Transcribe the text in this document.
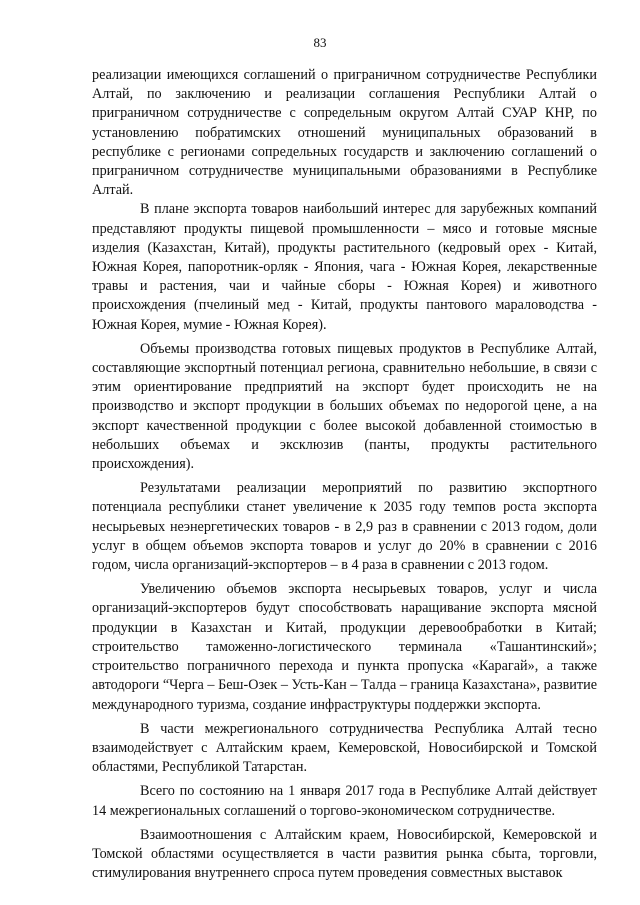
83

реализации имеющихся соглашений о приграничном сотрудничестве Республики Алтай, по заключению и реализации соглашения Республики Алтай о приграничном сотрудничестве с сопредельным округом Алтай СУАР КНР, по установлению побратимских отношений муниципальных образований в республике с регионами сопредельных государств и заключению соглашений о приграничном сотрудничестве муниципальными образованиями в Республике Алтай.

В плане экспорта товаров наибольший интерес для зарубежных компаний представляют продукты пищевой промышленности – мясо и готовые мясные изделия (Казахстан, Китай), продукты растительного (кедровый орех - Китай, Южная Корея, папоротник-орляк - Япония, чага - Южная Корея, лекарственные травы и растения, чаи и чайные сборы - Южная Корея) и животного происхождения (пчелиный мед - Китай, продукты пантового мараловодства - Южная Корея, мумие - Южная Корея).

Объемы производства готовых пищевых продуктов в Республике Алтай, составляющие экспортный потенциал региона, сравнительно небольшие, в связи с этим ориентирование предприятий на экспорт будет происходить не на производство и экспорт продукции в больших объемах по недорогой цене, а на экспорт качественной продукции с более высокой добавленной стоимостью в небольших объемах и эксклюзив (панты, продукты растительного происхождения).

Результатами реализации мероприятий по развитию экспортного потенциала республики станет увеличение к 2035 году темпов роста экспорта несырьевых неэнергетических товаров - в 2,9 раз в сравнении с 2013 годом, доли услуг в общем объемов экспорта товаров и услуг до 20% в сравнении с 2016 годом, числа организаций-экспортеров – в 4 раза в сравнении с 2013 годом.

Увеличению объемов экспорта несырьевых товаров, услуг и числа организаций-экспортеров будут способствовать наращивание экспорта мясной продукции в Казахстан и Китай, продукции деревообработки в Китай; строительство таможенно-логистического терминала «Ташантинский»; строительство пограничного перехода и пункта пропуска «Карагай», а также автодороги “Черга – Беш-Озек – Усть-Кан – Талда – граница Казахстана», развитие международного туризма, создание инфраструктуры поддержки экспорта.

В части межрегионального сотрудничества Республика Алтай тесно взаимодействует с Алтайским краем, Кемеровской, Новосибирской и Томской областями, Республикой Татарстан.

Всего по состоянию на 1 января 2017 года в Республике Алтай действует 14 межрегиональных соглашений о торгово-экономическом сотрудничестве.

Взаимоотношения с Алтайским краем, Новосибирской, Кемеровской и Томской областями осуществляется в части развития рынка сбыта, торговли, стимулирования внутреннего спроса путем проведения совместных выставок
